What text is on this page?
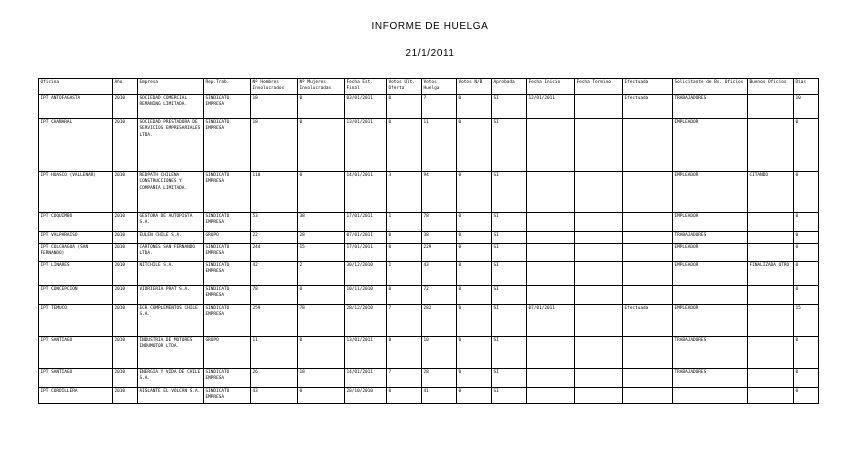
INFORME DE HUELGA
21/1/2011
Oficina	Año	Empresa	Rep.Trab.	Nº Hombres Involucrados	Nº Mujeres Involucradas	Fecha Est. Final	Votos Ult. Oferta	Votos Huelga	Votos N/B	Aprobada	Fecha Inicio	Fecha Termino	Efectuada	Solicitante de Bs. Oficios	Buenos Oficios	Días
IPT ANTOFAGASTA	2010	SOCIEDAD COMERCIAL REMANING LIMITADA.	SINDICATO EMPRESA	18	0	03/01/2011	0	7	0	SI	12/01/2011		Efectuada	TRABAJADORES		10
IPT CHAÑARAL	2010	SOCIEDAD PRESTADORA DE SERVICIOS EMPRESARIALES LTDA.	SINDICATO EMPRESA	18	0	13/01/2011	0	11	0	SI				EMPLEADOR		0
IPT HUASCO (VALLENAR)	2010	REDPATH CHILENA CONSTRUCCIONES Y COMPAÑIA LIMITADA.	SINDICATO EMPRESA	110	0	14/01/2011	3	94	0	SI				EMPLEADOR	CITANDO	0
IPT COQUIMBO	2010	GESTORA DE AUTOPISTA S.A.	SINDICATO EMPRESA	53	38	17/01/2011	1	78	0	SI				EMPLEADOR		0
IPT VALPARAISO	2010	EULEN CHILE S.A.	GRUPO	22	28	07/01/2011	0	38	0	SI				TRABAJADORES		0
IPT COLCHAGUA (SAN FERNANDO)	2010	CARTONES SAN FERNANDO LTDA.	SINDICATO EMPRESA	244	15	17/01/2011	0	229	0	SI				EMPLEADOR		0
IPT LINARES	2010	NITCHILE S.A.	SINDICATO EMPRESA	42	2	30/12/2010	1	43	0	SI				EMPLEADOR	FINALIZADA OTRO	0
IPT CONCEPCION	2010	VIDRIERIA PRAT S.A.	SINDICATO EMPRESA	78	0	10/11/2010	0	72	0	SI						0
IPT TEMUCO	2010	ECR COMPLEMENTOS CHILE S.A.	SINDICATO EMPRESA	259	78	28/12/2010	7	282	0	SI	07/01/2011		Efectuada	EMPLEADOR		15
IPT SANTIAGO	2010	INDUSTRIA DE MOTORES INDUMOTOR LTDA.	GRUPO	11	0	13/01/2011	0	10	0	SI				TRABAJADORES		0
IPT SANTIAGO	2010	ENERGIA Y VIDA DE CHILE S.A.	SINDICATO EMPRESA	26	18	14/01/2011	7	28	0	SI				TRABAJADORES		0
IPT CORDILLERA	2010	AISLANTE EL VOLCAN S.A.	SINDICATO EMPRESA	43	0	28/10/2010	0	41	0	SI						0
